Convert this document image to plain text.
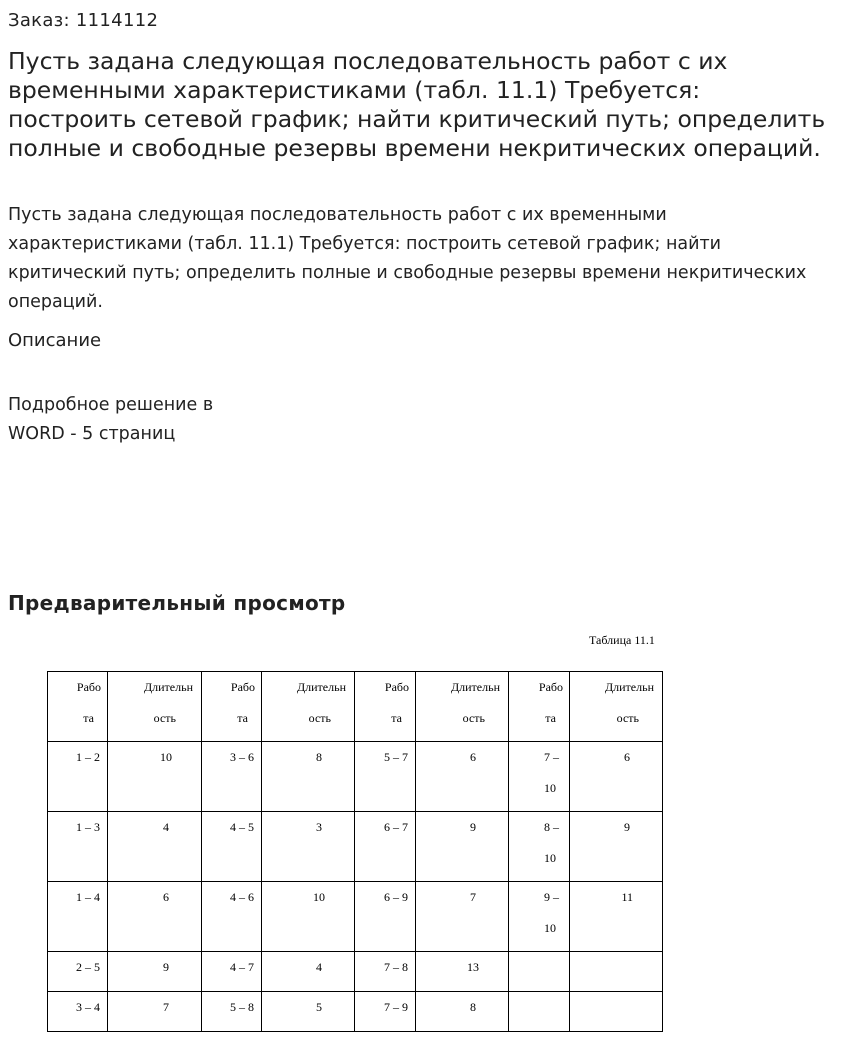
Заказ: 1114112
Пусть задана следующая последовательность работ с их временными характеристиками (табл. 11.1) Требуется: построить сетевой график; найти критический путь; определить полные и свободные резервы времени некритических операций.

Пусть задана следующая последовательность работ с их временными характеристиками (табл. 11.1) Требуется: построить сетевой график; найти критический путь; определить полные и свободные резервы времени некритических операций.

Описание
Подробное решение в
WORD - 5 страниц
Предварительный просмотр
Таблица 11.1
Рабо
та	Длительн
ость	Рабо
та	Длительн
ость	Рабо
та	Длительн
ость	Рабо
та	Длительн
ость

1 – 2	10	3 – 6	8	5 – 7	6	7 –
10	6

1 – 3	4	4 – 5	3	6 – 7	9	8 –
10	9

1 – 4	6	4 – 6	10	6 – 9	7	9 –
10	11

2 – 5	9	4 – 7	4	7 – 8	13		

3 – 4	7	5 – 8	5	7 – 9	8		
